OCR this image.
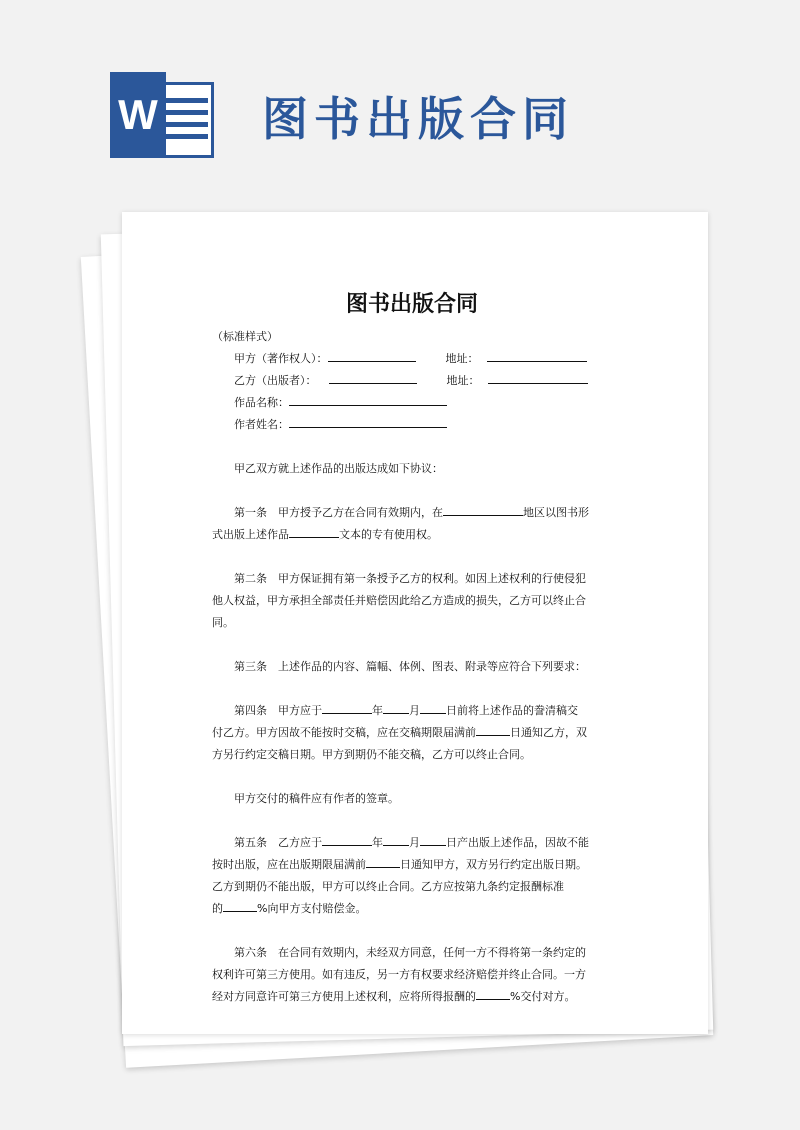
W 图书出版合同
图书出版合同
（标准样式）
甲方（著作权人）：	地址：
乙方（出版者）：	地址：
作品名称：
作者姓名：
甲乙双方就上述作品的出版达成如下协议：
第一条　甲方授予乙方在合同有效期内，在	地区以图书形
式出版上述作品	文本的专有使用权。
第二条　甲方保证拥有第一条授予乙方的权利。如因上述权利的行使侵犯
他人权益，甲方承担全部责任并赔偿因此给乙方造成的损失，乙方可以终止合
同。
第三条　上述作品的内容、篇幅、体例、图表、附录等应符合下列要求：
第四条　甲方应于	年 月 日前将上述作品的誊清稿交
付乙方。甲方因故不能按时交稿，应在交稿期限届满前	日通知乙方，双
方另行约定交稿日期。甲方到期仍不能交稿，乙方可以终止合同。
甲方交付的稿件应有作者的签章。
第五条　乙方应于	年 月 日产出版上述作品，因故不能
按时出版，应在出版期限届满前	日通知甲方，双方另行约定出版日期。
乙方到期仍不能出版，甲方可以终止合同。乙方应按第九条约定报酬标准
的	%向甲方支付赔偿金。
第六条　在合同有效期内，未经双方同意，任何一方不得将第一条约定的
权利许可第三方使用。如有违反，另一方有权要求经济赔偿并终止合同。一方
经对方同意许可第三方使用上述权利，应将所得报酬的	%交付对方。
